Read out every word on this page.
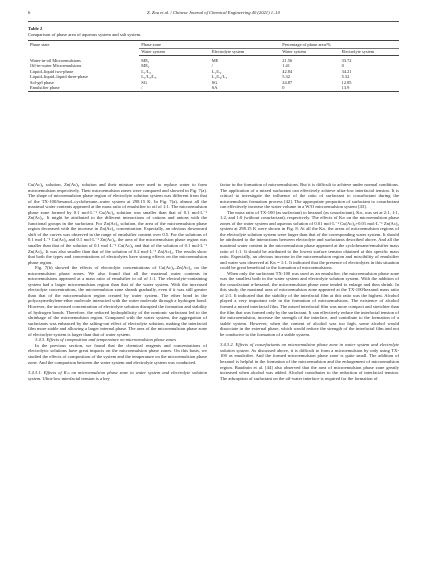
6	Z. Zou et al. / Chinese Journal of Chemical Engineering 40 (2021) 1–10
Table 2
Comparison of phase area of aqueous system and salt system.
Phase state	Phase zone		Percentage of phase area/%	
	Water system	Electrolyte system	Water system	Electrolyte system
Water-in-oil Microemulsions	ME₁	ME	21.56	33.72
Oil-in-water Microemulsions	ME₂	/	1.41	0
Liquid–liquid two-phase	L₁/L₂	L₁/L₂	42.84	34.21
Liquid–liquid–liquid three-phase	L₁/L₂/L₃	L₁/L₂/L₃	5.32	5.32
Sol-gel phase	SG	SG	24.87	12.85
Emulsifier phase	/	SA	0	13.9

Cu(Ac)₂ solution, Zn(Ac)₂ solution and their mixture were used to replace water to form microemulsion respectively. Their microemulsion zones were compared and showed in Fig. 7(a). The shape of microemulsion phase region of electrolyte solution system was different from that of the TX-100/hexanol–cyclohexane–water system at 298.15 K. In Fig. 7(a), almost all the maximal water contents appeared at the mass ratio of emulsifier to oil of 1:1. The microemulsion phase zone formed by 0.1 mol·L⁻¹ Cu(Ac)₂ solution was smaller than that of 0.1 mol·L⁻¹ Zn(Ac)₂. It might be attributed to the different interactions of cations and anions with the functional groups in the surfactant. For Zn(Ac)₂ solution, the area of the microemulsion phase region decreased with the increase in Zn(Ac)₂ concentration. Especially, an obvious downward shift of the curves was observed in the range of emulsifier content over 0.5. For the solutions of 0.1 mol·L⁻¹ Cu(Ac)₂ and 0.1 mol·L⁻¹ Zn(Ac)₂, the area of the microemulsion phase region was smaller than that of the solution of 0.1 mol·L⁻¹ Cu(Ac)₂ and that of the solution of 0.1 mol·L⁻¹ Zn(Ac)₂. It was also smaller than that of the solution of 0.2 mol·L⁻¹ Zn(Ac)₂. The results show that both the types and concentrations of electrolytes have strong effects on the microemulsion phase region.

Fig. 7(b) showed the effects of electrolyte concentrations of Cu(Ac)₂–Zn(Ac)₂ on the microemulsion phase zones. We also found that all the maximal water contents in microemulsions appeared at a mass ratio of emulsifier to oil of 1:1. The electrolyte-containing system had a larger microemulsion region than that of the water system. With the increased electrolyte concentrations, the microemulsion zone shrank gradually, even if it was still greater than that of the microemulsion region created by water system. The ether bond in the polyoxymethylene-ether molecule interacted with the water molecule through a hydrogen bond. However, the increased concentration of electrolyte solution disrupted the formation and stability of hydrogen bonds. Therefore, the reduced hydrophilicity of the nonionic surfactant led to the shrinkage of the microemulsion region. Compared with the water system, the aggregation of surfactants was enhanced by the salting-out effect of electrolyte solution, making the interfacial film more stable and allowing a larger internal phase. The area of the microemulsion phase zone of electrolyte system is larger than that of water system.

3.4.3. Effects of composition and temperature on microemulsion phase zones

In the previous section, we found that the chemical reagents and concentrations of electrolytic solutions have great impacts on the microemulsion phase zones. On this basis, we studied the effects of composition of the system and the temperature on the microemulsion phase zone. And the comparison between the water system and electrolyte system was conducted.

3.4.3.1. Effects of Kₘ on microemulsion phase zone in water system and electrolyte solution system. Ultra-low interfacial tension is a key

factor in the formation of microemulsions. But it is difficult to achieve under normal conditions. The application of a mixed surfactant can effectively achieve ultra-low interfacial tension. It is critical to investigate the influence of the ratio of surfactant to cosurfactant during the microemulsion formation process [42]. The appropriate proportion of surfactant to cosurfactant can effectively increase the water volume in a W/O microemulsion system [43].

The mass ratio of TX-100 (as surfactant) to hexanol (as cosurfactant), Kₘ, was set at 2:1, 1:1, 1:2, and 1:0 (without cosurfactant), respectively. The effects of Kₘ on the microemulsion phase zones of the water system and aqueous solution of 0.01 mol·L⁻¹ Cu(Ac)₂+0.01 mol·L⁻¹ Zn(Ac)₂ system at 298.15 K were shown in Fig. 8. At all the Kₘ, the areas of microemulsion regions of the electrolyte solution system were larger than that of the corresponding water system. It should be attributed to the interactions between electrolyte and surfactants described above. And all the maximal water content in the microemulsion phase appeared at the cyclohexane/emulsifier mass ratio of 1:1. It should be attributed to the lowest surface tension obtained at this specific mass ratio. Especially, an obvious increase in the microemulsion region and miscibility of emulsifier and water was observed at Kₘ = 1:1. It indicated that the presence of electrolytes in this situation could be great beneficial to the formation of microemulsions.

When only the surfactant TX-100 was used as an emulsifier, the microemulsion phase zone was the smallest both in the water system and electrolyte solution system. With the addition of the cosurfactant n-hexanol, the microemulsion phase zone tended to enlarge and then shrink. In this study, the maximal area of microemulsion zone appeared at the TX-100/hexanol mass ratio of 2:1. It indicated that the stability of the interfacial film at this ratio was the highest. Alcohol played a very important role in the formation of microemulsions. The existence of alcohol formed a mixed interfacial film. The mixed interfacial film was more compact and stretchier than the film that was formed only by the surfactant. It can effectively reduce the interfacial tension of the microemulsion, increase the strength of the interface, and contribute to the formation of a stable system. However, when the content of alcohol was too high, some alcohol would dissociate in the external phase, which would reduce the strength of the interfacial film and not be conducive to the formation of a stable system.

3.4.3.2. Effects of cosurfactants on microemulsion phase zone in water system and electrolyte solution system. As discussed above, it is difficult to form a microemulsion by only using TX-100 as emulsifier. And the formed microemulsion phase zone is quite small. The addition of hexanol is helpful in the formation of the microemulsion and the enlargement of microemulsion region. Baudrain et al. [44] also observed that the area of microemulsion phase zone greatly increased when alcohol was added. Alcohol contributes to the reduction of interfacial tension. The adsorption of surfactant on the oil-water interface is required for the formation of
